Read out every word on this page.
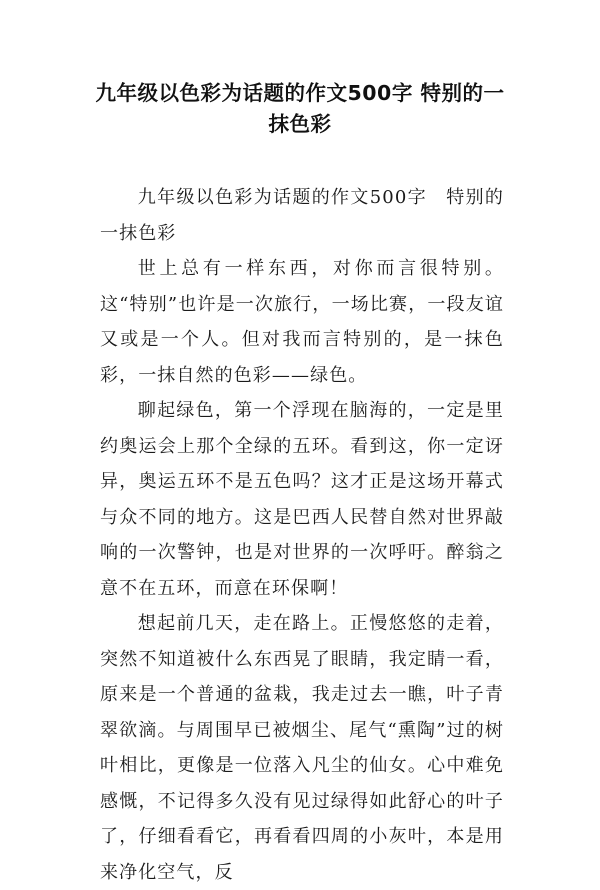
九年级以色彩为话题的作文500字 特别的一抹色彩

九年级以色彩为话题的作文500字　特别的一抹色彩

世上总有一样东西，对你而言很特别。这“特别”也许是一次旅行，一场比赛，一段友谊又或是一个人。但对我而言特别的，是一抹色彩，一抹自然的色彩——绿色。

聊起绿色，第一个浮现在脑海的，一定是里约奥运会上那个全绿的五环。看到这，你一定讶异，奥运五环不是五色吗？这才正是这场开幕式与众不同的地方。这是巴西人民替自然对世界敲响的一次警钟，也是对世界的一次呼吁。醉翁之意不在五环，而意在环保啊！

想起前几天，走在路上。正慢悠悠的走着，突然不知道被什么东西晃了眼睛，我定睛一看，原来是一个普通的盆栽，我走过去一瞧，叶子青翠欲滴。与周围早已被烟尘、尾气“熏陶”过的树叶相比，更像是一位落入凡尘的仙女。心中难免感慨，不记得多久没有见过绿得如此舒心的叶子了，仔细看看它，再看看四周的小灰叶，本是用来净化空气，反
